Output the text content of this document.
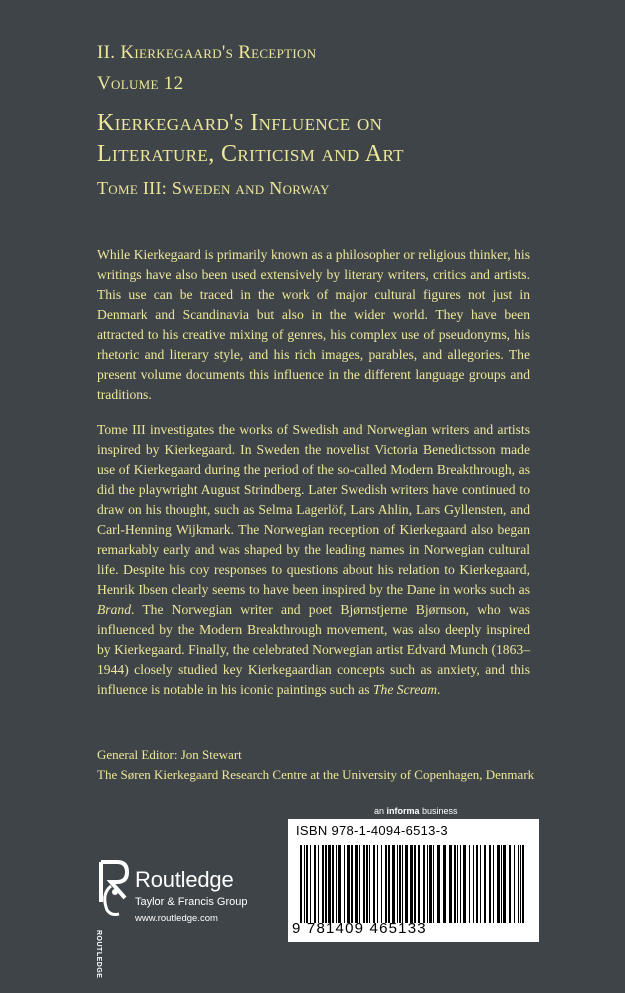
II. Kierkegaard's Reception
Volume 12
Kierkegaard's Influence on
Literature, Criticism and Art
Tome III: Sweden and Norway
While Kierkegaard is primarily known as a philosopher or religious thinker, his writings have also been used extensively by literary writers, critics and artists. This use can be traced in the work of major cultural figures not just in Denmark and Scandinavia but also in the wider world. They have been attracted to his creative mixing of genres, his complex use of pseudonyms, his rhetoric and literary style, and his rich images, parables, and allegories. The present volume documents this influence in the different language groups and traditions.
Tome III investigates the works of Swedish and Norwegian writers and artists inspired by Kierkegaard. In Sweden the novelist Victoria Benedictsson made use of Kierkegaard during the period of the so-called Modern Breakthrough, as did the playwright August Strindberg. Later Swedish writers have continued to draw on his thought, such as Selma Lagerlöf, Lars Ahlin, Lars Gyllensten, and Carl-Henning Wijkmark. The Norwegian reception of Kierkegaard also began remarkably early and was shaped by the leading names in Norwegian cultural life. Despite his coy responses to questions about his relation to Kierkegaard, Henrik Ibsen clearly seems to have been inspired by the Dane in works such as Brand. The Norwegian writer and poet Bjørnstjerne Bjørnson, who was influenced by the Modern Breakthrough movement, was also deeply inspired by Kierkegaard. Finally, the celebrated Norwegian artist Edvard Munch (1863–1944) closely studied key Kierkegaardian concepts such as anxiety, and this influence is notable in his iconic paintings such as The Scream.
General Editor: Jon Stewart
The Søren Kierkegaard Research Centre at the University of Copenhagen, Denmark
an informa business
ISBN 978-1-4094-6513-3
9 781409 465133
ROUTLEDGE
Routledge
Taylor & Francis Group
www.routledge.com
